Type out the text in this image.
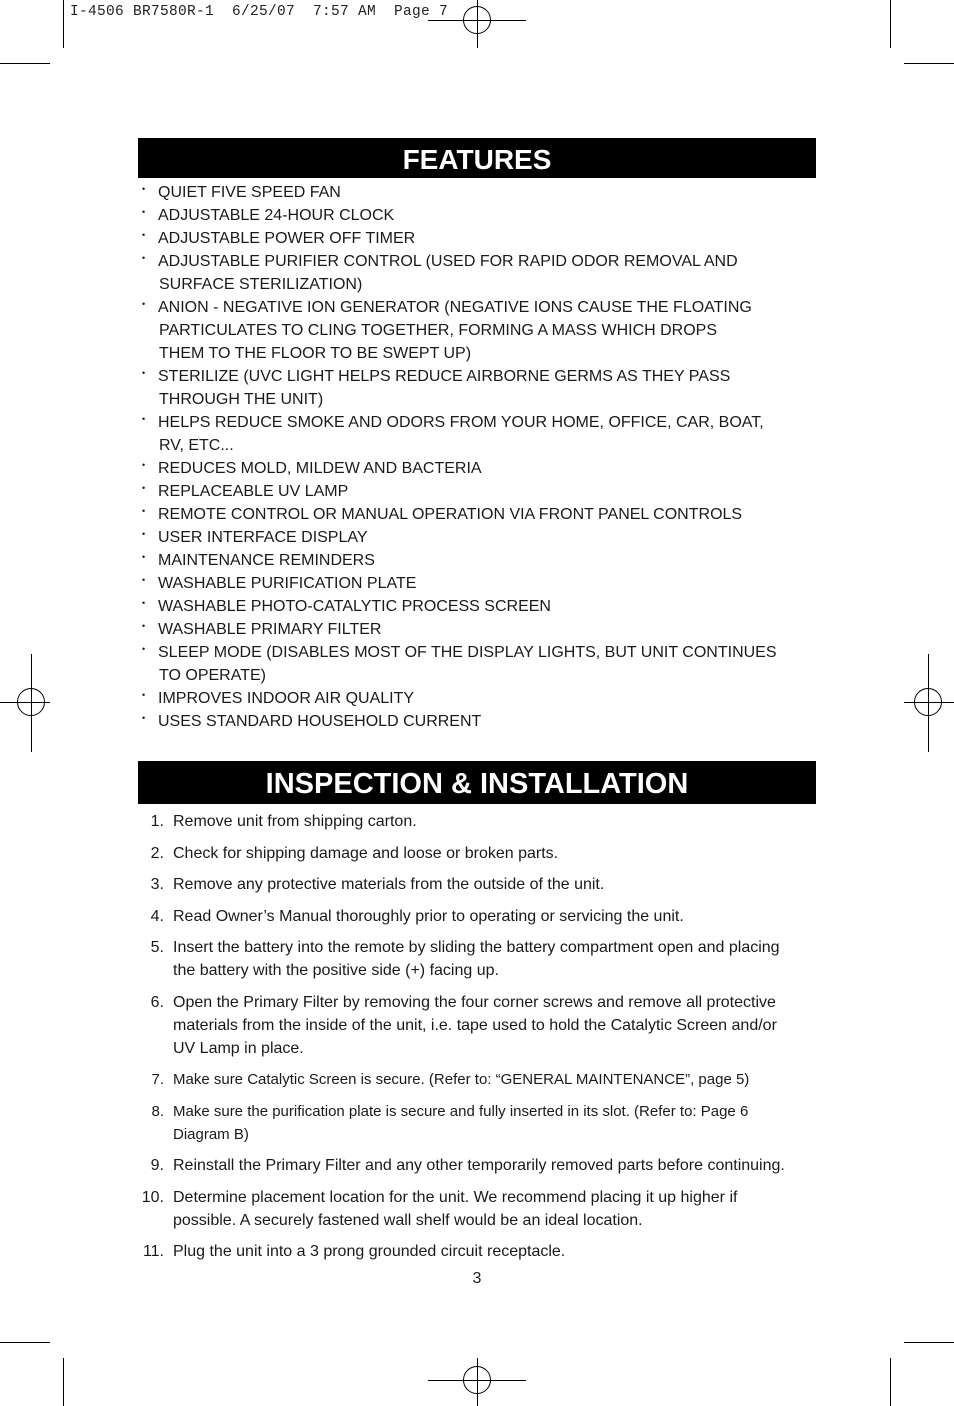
I-4506 BR7580R-1  6/25/07  7:57 AM  Page 7
FEATURES
• QUIET FIVE SPEED FAN
• ADJUSTABLE 24-HOUR CLOCK
• ADJUSTABLE POWER OFF TIMER
• ADJUSTABLE PURIFIER CONTROL (USED FOR RAPID ODOR REMOVAL AND
SURFACE STERILIZATION)
• ANION - NEGATIVE ION GENERATOR (NEGATIVE IONS CAUSE THE FLOATING
PARTICULATES TO CLING TOGETHER, FORMING A MASS WHICH DROPS
THEM TO THE FLOOR TO BE SWEPT UP)
• STERILIZE (UVC LIGHT HELPS REDUCE AIRBORNE GERMS AS THEY PASS
THROUGH THE UNIT)
• HELPS REDUCE SMOKE AND ODORS FROM YOUR HOME, OFFICE, CAR, BOAT,
RV, ETC...
• REDUCES MOLD, MILDEW AND BACTERIA
• REPLACEABLE UV LAMP
• REMOTE CONTROL OR MANUAL OPERATION VIA FRONT PANEL CONTROLS
• USER INTERFACE DISPLAY
• MAINTENANCE REMINDERS
• WASHABLE PURIFICATION PLATE
• WASHABLE PHOTO-CATALYTIC PROCESS SCREEN
• WASHABLE PRIMARY FILTER
• SLEEP MODE (DISABLES MOST OF THE DISPLAY LIGHTS, BUT UNIT CONTINUES
TO OPERATE)
• IMPROVES INDOOR AIR QUALITY
• USES STANDARD HOUSEHOLD CURRENT
INSPECTION & INSTALLATION
1. Remove unit from shipping carton.
2. Check for shipping damage and loose or broken parts.
3. Remove any protective materials from the outside of the unit.
4. Read Owner’s Manual thoroughly prior to operating or servicing the unit.
5. Insert the battery into the remote by sliding the battery compartment open and placing
the battery with the positive side (+) facing up.
6. Open the Primary Filter by removing the four corner screws and remove all protective
materials from the inside of the unit, i.e. tape used to hold the Catalytic Screen and/or
UV Lamp in place.
7. Make sure Catalytic Screen is secure. (Refer to: “GENERAL MAINTENANCE”, page 5)
8. Make sure the purification plate is secure and fully inserted in its slot. (Refer to: Page 6
Diagram B)
9. Reinstall the Primary Filter and any other temporarily removed parts before continuing.
10. Determine placement location for the unit. We recommend placing it up higher if
possible. A securely fastened wall shelf would be an ideal location.
11. Plug the unit into a 3 prong grounded circuit receptacle.
3
